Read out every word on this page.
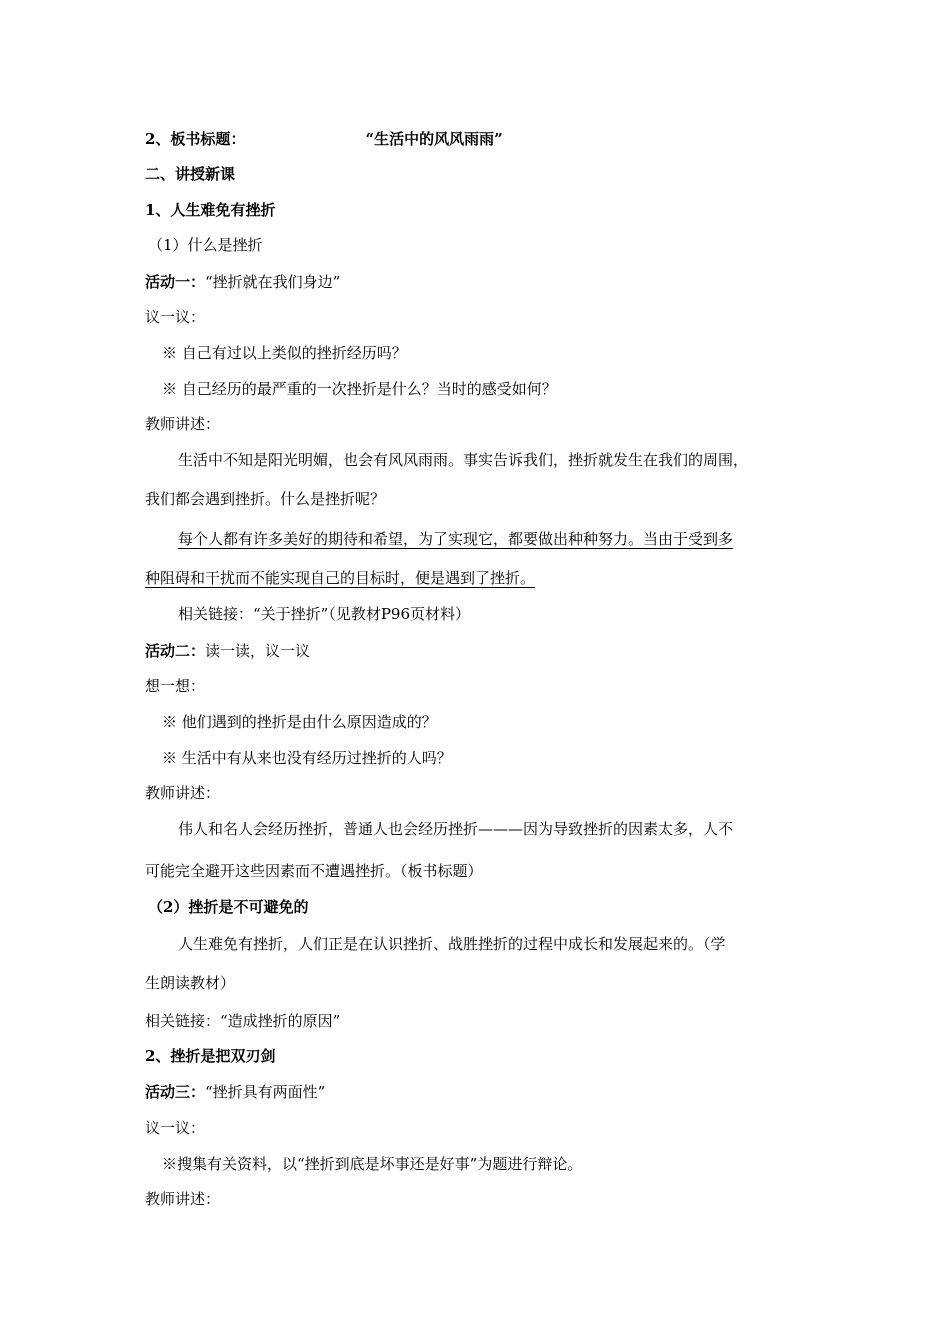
2、板书标题：	“生活中的风风雨雨”
二、讲授新课
1、人生难免有挫折
（1）什么是挫折
活动一：“挫折就在我们身边”
议一议：
※ 自己有过以上类似的挫折经历吗？
※ 自己经历的最严重的一次挫折是什么？当时的感受如何？
教师讲述：
生活中不知是阳光明媚，也会有风风雨雨。事实告诉我们，挫折就发生在我们的周围，
我们都会遇到挫折。什么是挫折呢？
每个人都有许多美好的期待和希望，为了实现它，都要做出种种努力。当由于受到多
种阻碍和干扰而不能实现自己的目标时，便是遇到了挫折。
相关链接：“关于挫折”（见教材P96页材料）
活动二：读一读，议一议
想一想：
※ 他们遇到的挫折是由什么原因造成的？
※ 生活中有从来也没有经历过挫折的人吗？
教师讲述：
伟人和名人会经历挫折，普通人也会经历挫折———因为导致挫折的因素太多，人不
可能完全避开这些因素而不遭遇挫折。（板书标题）
（2）挫折是不可避免的
人生难免有挫折，人们正是在认识挫折、战胜挫折的过程中成长和发展起来的。（学
生朗读教材）
相关链接：“造成挫折的原因”
2、挫折是把双刃剑
活动三：“挫折具有两面性”
议一议：
※搜集有关资料，以“挫折到底是坏事还是好事”为题进行辩论。
教师讲述：
